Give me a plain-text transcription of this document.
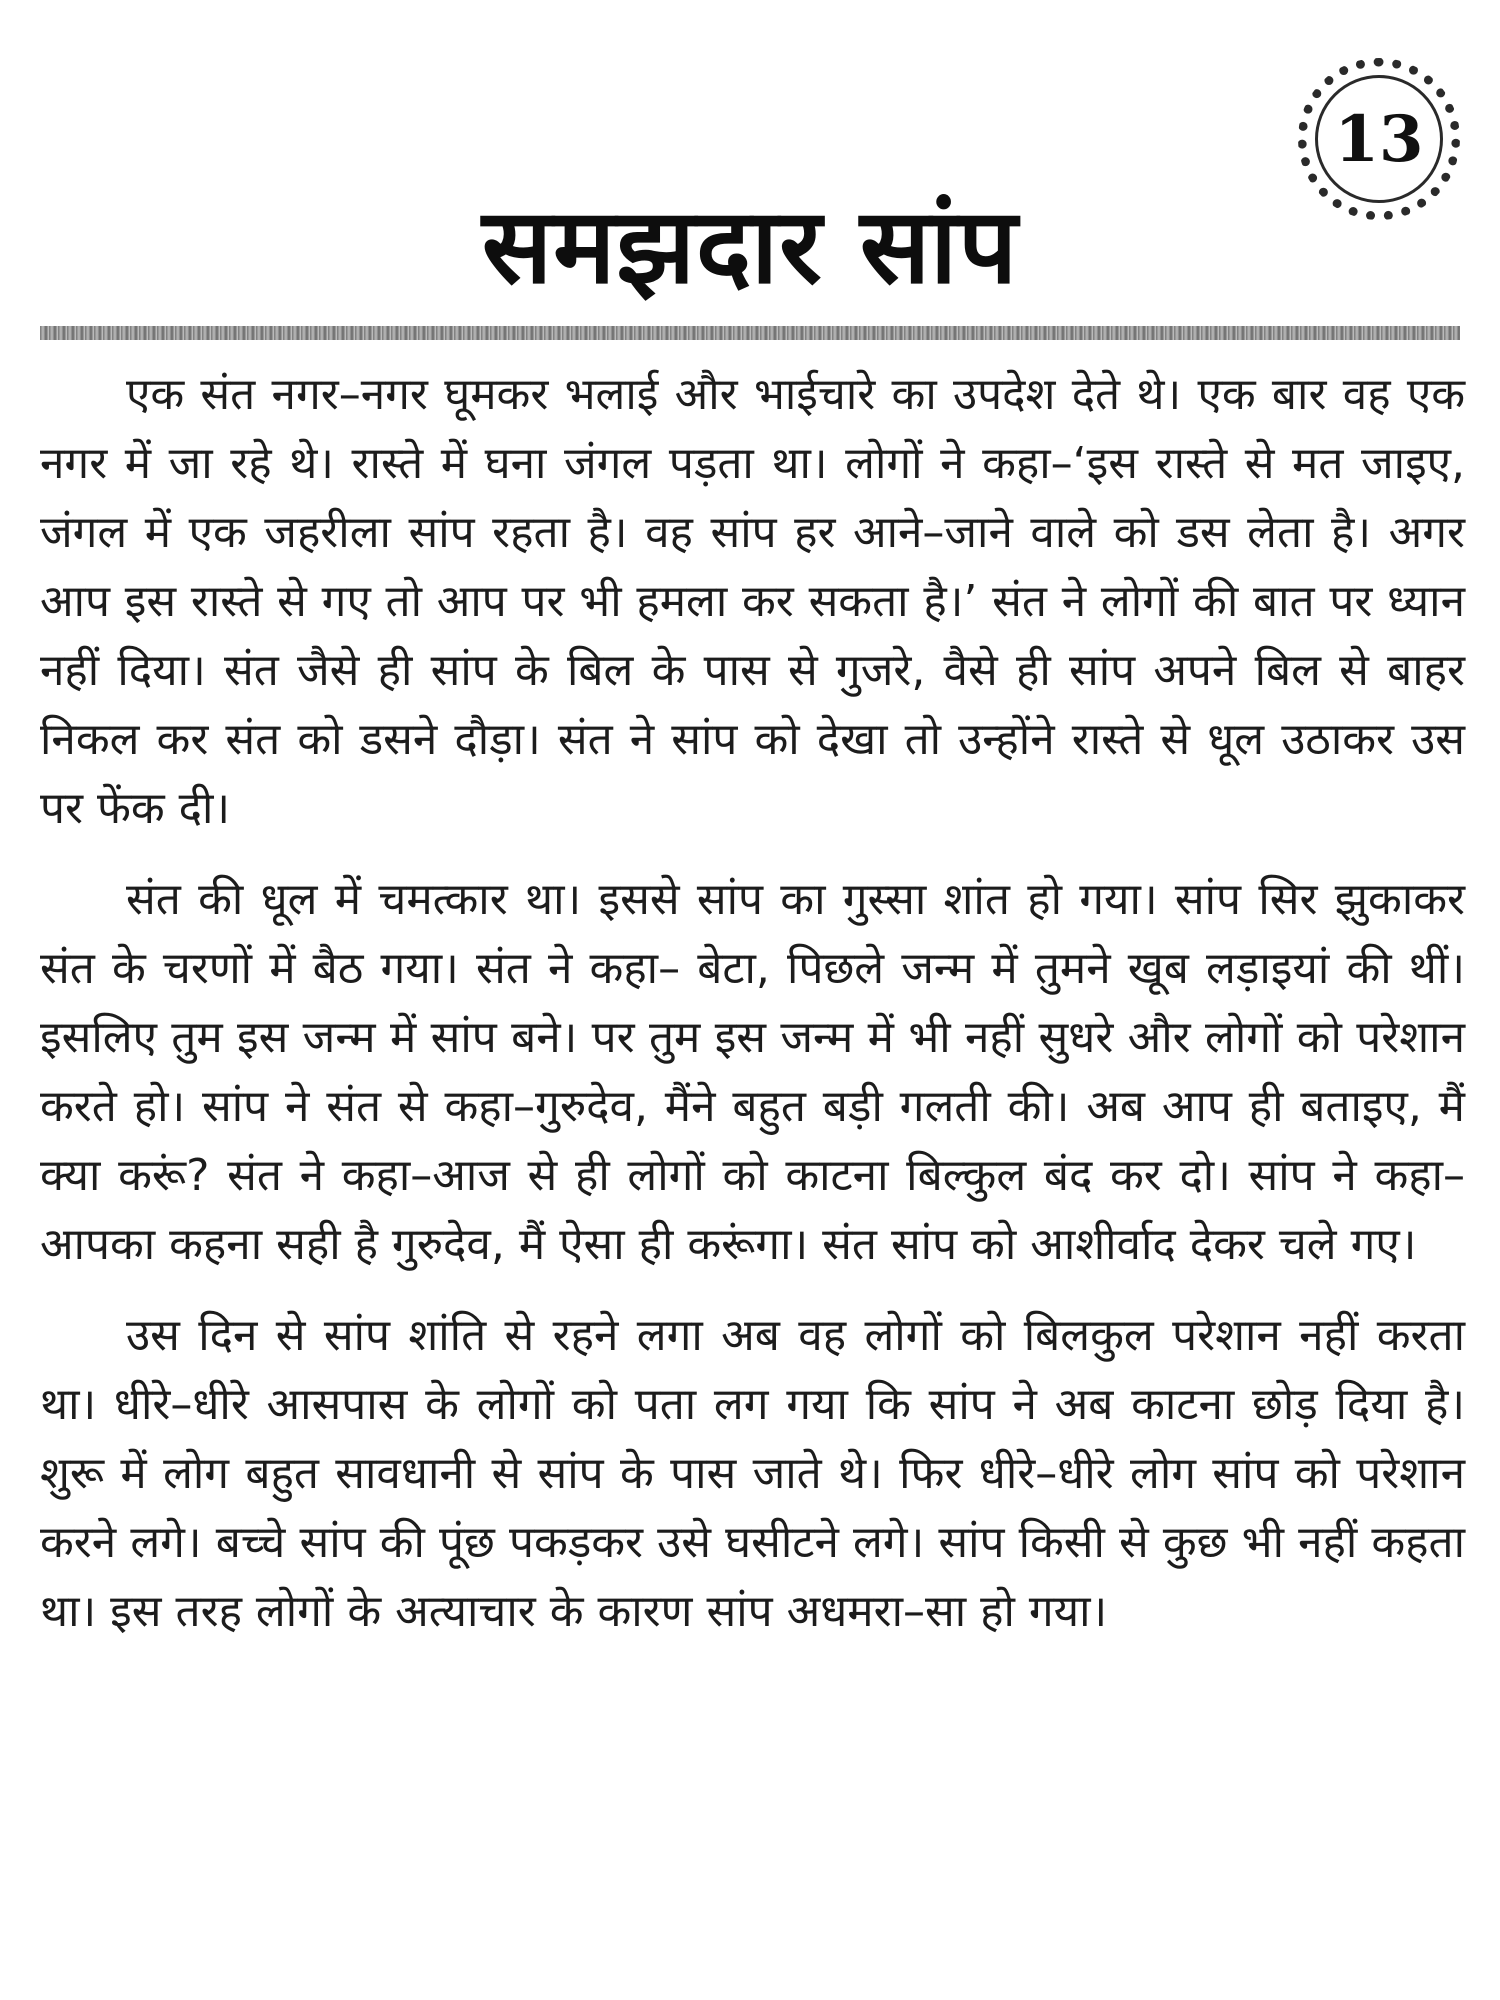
13
समझदार सांप

एक संत नगर–नगर घूमकर भलाई और भाईचारे का उपदेश देते थे। एक बार वह एक नगर में जा रहे थे। रास्ते में घना जंगल पड़ता था। लोगों ने कहा–‘इस रास्ते से मत जाइए, जंगल में एक जहरीला सांप रहता है। वह सांप हर आने–जाने वाले को डस लेता है। अगर आप इस रास्ते से गए तो आप पर भी हमला कर सकता है।’ संत ने लोगों की बात पर ध्यान नहीं दिया। संत जैसे ही सांप के बिल के पास से गुजरे, वैसे ही सांप अपने बिल से बाहर निकल कर संत को डसने दौड़ा। संत ने सांप को देखा तो उन्होंने रास्ते से धूल उठाकर उस पर फेंक दी।

संत की धूल में चमत्कार था। इससे सांप का गुस्सा शांत हो गया। सांप सिर झुकाकर संत के चरणों में बैठ गया। संत ने कहा– बेटा, पिछले जन्म में तुमने खूब लड़ाइयां की थीं। इसलिए तुम इस जन्म में सांप बने। पर तुम इस जन्म में भी नहीं सुधरे और लोगों को परेशान करते हो। सांप ने संत से कहा–गुरुदेव, मैंने बहुत बड़ी गलती की। अब आप ही बताइए, मैं क्या करूं? संत ने कहा–आज से ही लोगों को काटना बिल्कुल बंद कर दो। सांप ने कहा–आपका कहना सही है गुरुदेव, मैं ऐसा ही करूंगा। संत सांप को आशीर्वाद देकर चले गए।

उस दिन से सांप शांति से रहने लगा अब वह लोगों को बिलकुल परेशान नहीं करता था। धीरे–धीरे आसपास के लोगों को पता लग गया कि सांप ने अब काटना छोड़ दिया है। शुरू में लोग बहुत सावधानी से सांप के पास जाते थे। फिर धीरे–धीरे लोग सांप को परेशान करने लगे। बच्चे सांप की पूंछ पकड़कर उसे घसीटने लगे। सांप किसी से कुछ भी नहीं कहता था। इस तरह लोगों के अत्याचार के कारण सांप अधमरा–सा हो गया।
